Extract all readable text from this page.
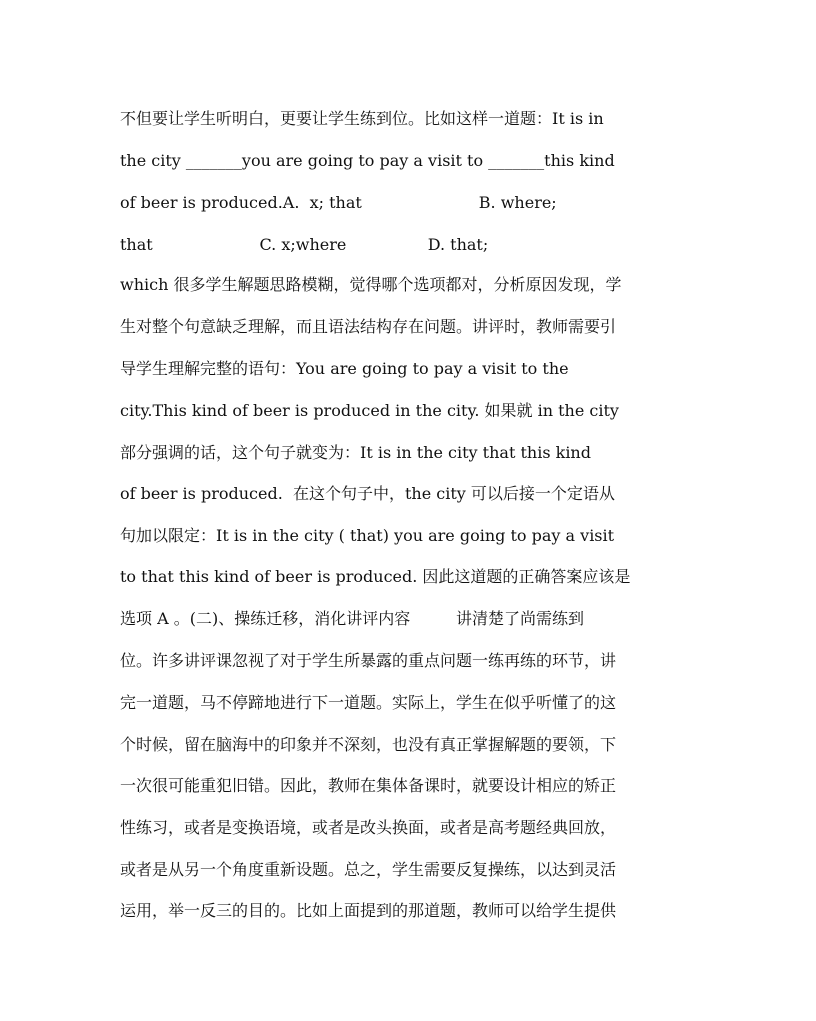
不但要让学生听明白，更要让学生练到位。比如这样一道题：It is in
the city _______you are going to pay a visit to _______this kind
of beer is produced.A.  x; that                       B. where;
that                     C. x;where                D. that;
which 很多学生解题思路模糊，觉得哪个选项都对，分析原因发现，学
生对整个句意缺乏理解，而且语法结构存在问题。讲评时，教师需要引
导学生理解完整的语句：You are going to pay a visit to the
city.This kind of beer is produced in the city. 如果就 in the city
部分强调的话，这个句子就变为：It is in the city that this kind
of beer is produced.  在这个句子中，the city 可以后接一个定语从
句加以限定：It is in the city ( that) you are going to pay a visit
to that this kind of beer is produced. 因此这道题的正确答案应该是
选项 A 。(二)、操练迁移，消化讲评内容         讲清楚了尚需练到
位。许多讲评课忽视了对于学生所暴露的重点问题一练再练的环节，讲
完一道题，马不停蹄地进行下一道题。实际上，学生在似乎听懂了的这
个时候，留在脑海中的印象并不深刻，也没有真正掌握解题的要领，下
一次很可能重犯旧错。因此，教师在集体备课时，就要设计相应的矫正
性练习，或者是变换语境，或者是改头换面，或者是高考题经典回放，
或者是从另一个角度重新设题。总之，学生需要反复操练，以达到灵活
运用，举一反三的目的。比如上面提到的那道题，教师可以给学生提供
